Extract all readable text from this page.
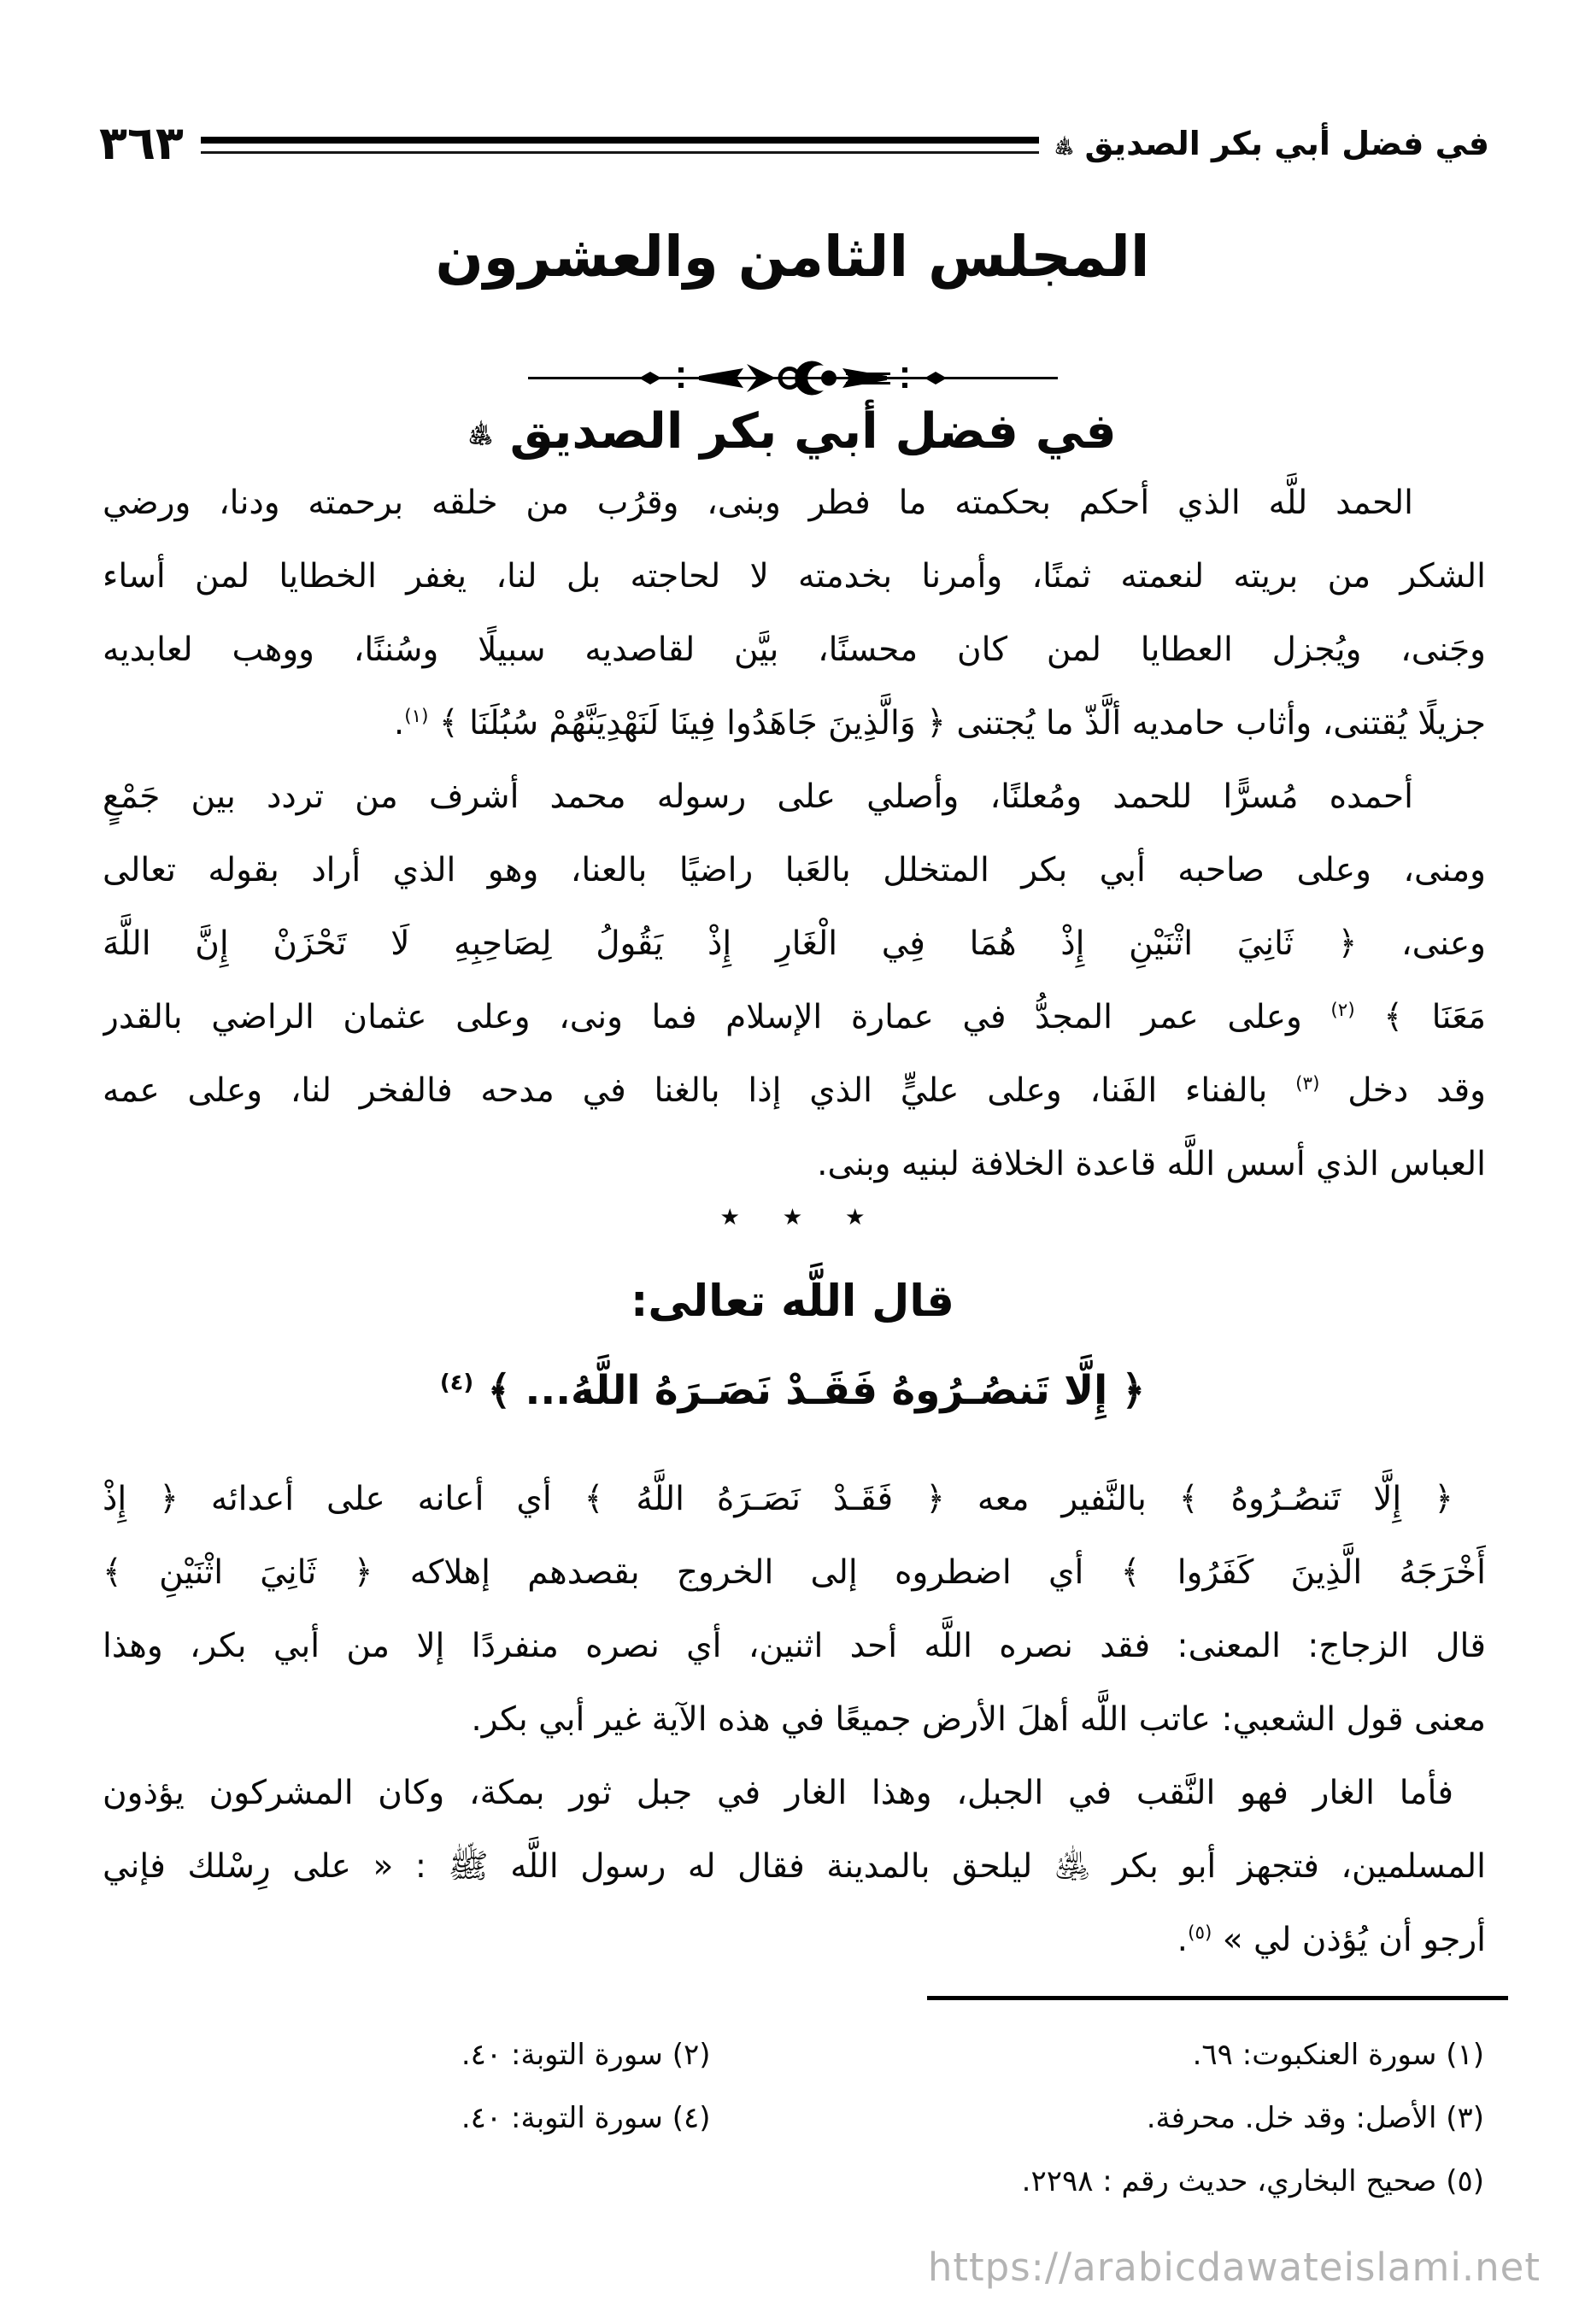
في فضل أبي بكر الصديق ﵁
٣٦٣
المجلس الثامن والعشرون
في فضل أبي بكر الصديق ﵁
الحمد للَّه الذي أحكم بحكمته ما فطر وبنى، وقرُب من خلقه برحمته ودنا، ورضي
الشكر من بريته لنعمته ثمنًا، وأمرنا بخدمته لا لحاجته بل لنا، يغفر الخطايا لمن أساء
وجَنى، ويُجزل العطايا لمن كان محسنًا، بيَّن لقاصديه سبيلًا وسُننًا، ووهب لعابديه
جزيلًا يُقتنى، وأثاب حامديه ألَّذّ ما يُجتنى ﴿ وَالَّذِينَ جَاهَدُوا فِينَا لَنَهْدِيَنَّهُمْ سُبُلَنَا ﴾ $^{(١)}$.
أحمده مُسرًّا للحمد ومُعلنًا، وأصلي على رسوله محمد أشرف من تردد بين جَمْعٍ
ومنى، وعلى صاحبه أبي بكر المتخلل بالعَبا راضيًا بالعنا، وهو الذي أراد بقوله تعالى
وعنى، ﴿ ثَانِيَ اثْنَيْنِ إِذْ هُمَا فِي الْغَارِ إِذْ يَقُولُ لِصَاحِبِهِ لَا تَحْزَنْ إِنَّ اللَّهَ
مَعَنَا ﴾ $^{(٢)}$ وعلى عمر المجدُّ في عمارة الإسلام فما ونى، وعلى عثمان الراضي بالقدر
وقد دخل $^{(٣)}$ بالفناء الفَنا، وعلى عليٍّ الذي إذا بالغنا في مدحه فالفخر لنا، وعلى عمه
العباس الذي أسس اللَّه قاعدة الخلافة لبنيه وبنى.
٭ ٭ ٭
قال اللَّه تعالى:
﴿ إِلَّا تَنصُـرُوهُ فَقَـدْ نَصَـرَهُ اللَّهُ... ﴾ $^{(٤)}$
﴿ إِلَّا تَنصُـرُوهُ ﴾ بالنَّفير معه ﴿ فَقَـدْ نَصَـرَهُ اللَّهُ ﴾ أي أعانه على أعدائه ﴿ إِذْ
أَخْرَجَهُ الَّذِينَ كَفَرُوا ﴾ أي اضطروه إلى الخروج بقصدهم إهلاكه ﴿ ثَانِيَ اثْنَيْنِ ﴾
قال الزجاج: المعنى: فقد نصره اللَّه أحد اثنين، أي نصره منفردًا إلا من أبي بكر، وهذا
معنى قول الشعبي: عاتب اللَّه أهلَ الأرض جميعًا في هذه الآية غير أبي بكر.
فأما الغار فهو النَّقب في الجبل، وهذا الغار في جبل ثور بمكة، وكان المشركون يؤذون
المسلمين، فتجهز أبو بكر ﵁ ليلحق بالمدينة فقال له رسول اللَّه ﷺ : « على رِسْلك فإني
أرجو أن يُؤذن لي » $^{(٥)}$.
(١) سورة العنكبوت: ٦٩.
(٢) سورة التوبة: ٤٠.
(٣) الأصل: وقد خل. محرفة.
(٤) سورة التوبة: ٤٠.
(٥) صحيح البخاري، حديث رقم : ٢٢٩٨.
https://arabicdawateislami.net
